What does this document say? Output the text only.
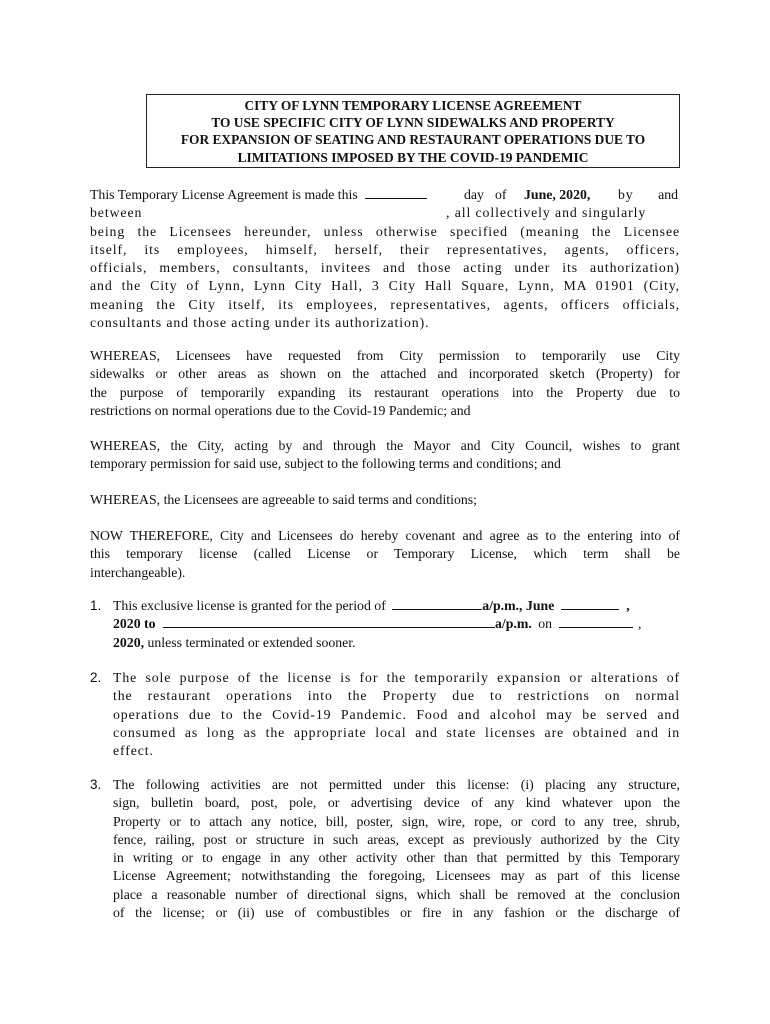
CITY OF LYNN TEMPORARY LICENSE AGREEMENT
TO USE SPECIFIC CITY OF LYNN SIDEWALKS AND PROPERTY
FOR EXPANSION OF SEATING AND RESTAURANT OPERATIONS DUE TO
LIMITATIONS IMPOSED BY THE COVID-19 PANDEMIC
This Temporary License Agreement is made this	day of June, 2020, by and
between	, all collectively and singularly
being the Licensees hereunder, unless otherwise specified (meaning the Licensee
itself, its employees, himself, herself, their representatives, agents, officers,
officials, members, consultants, invitees and those acting under its authorization)
and the City of Lynn, Lynn City Hall, 3 City Hall Square, Lynn, MA 01901 (City,
meaning the City itself, its employees, representatives, agents, officers officials,
consultants and those acting under its authorization).
WHEREAS, Licensees have requested from City permission to temporarily use City
sidewalks or other areas as shown on the attached and incorporated sketch (Property) for
the purpose of temporarily expanding its restaurant operations into the Property due to
restrictions on normal operations due to the Covid-19 Pandemic; and
WHEREAS, the City, acting by and through the Mayor and City Council, wishes to grant
temporary permission for said use, subject to the following terms and conditions; and
WHEREAS, the Licensees are agreeable to said terms and conditions;
NOW THEREFORE, City and Licensees do hereby covenant and agree as to the entering into of
this temporary license (called License or Temporary License, which term shall be
interchangeable).
1. This exclusive license is granted for the period of	a/p.m., June	,
2020 to	a/p.m. on	,
2020, unless terminated or extended sooner.
2. The sole purpose of the license is for the temporarily expansion or alterations of
the restaurant operations into the Property due to restrictions on normal
operations due to the Covid-19 Pandemic. Food and alcohol may be served and
consumed as long as the appropriate local and state licenses are obtained and in
effect.
3. The following activities are not permitted under this license: (i) placing any structure,
sign, bulletin board, post, pole, or advertising device of any kind whatever upon the
Property or to attach any notice, bill, poster, sign, wire, rope, or cord to any tree, shrub,
fence, railing, post or structure in such areas, except as previously authorized by the City
in writing or to engage in any other activity other than that permitted by this Temporary
License Agreement; notwithstanding the foregoing, Licensees may as part of this license
place a reasonable number of directional signs, which shall be removed at the conclusion
of the license; or (ii) use of combustibles or fire in any fashion or the discharge of
